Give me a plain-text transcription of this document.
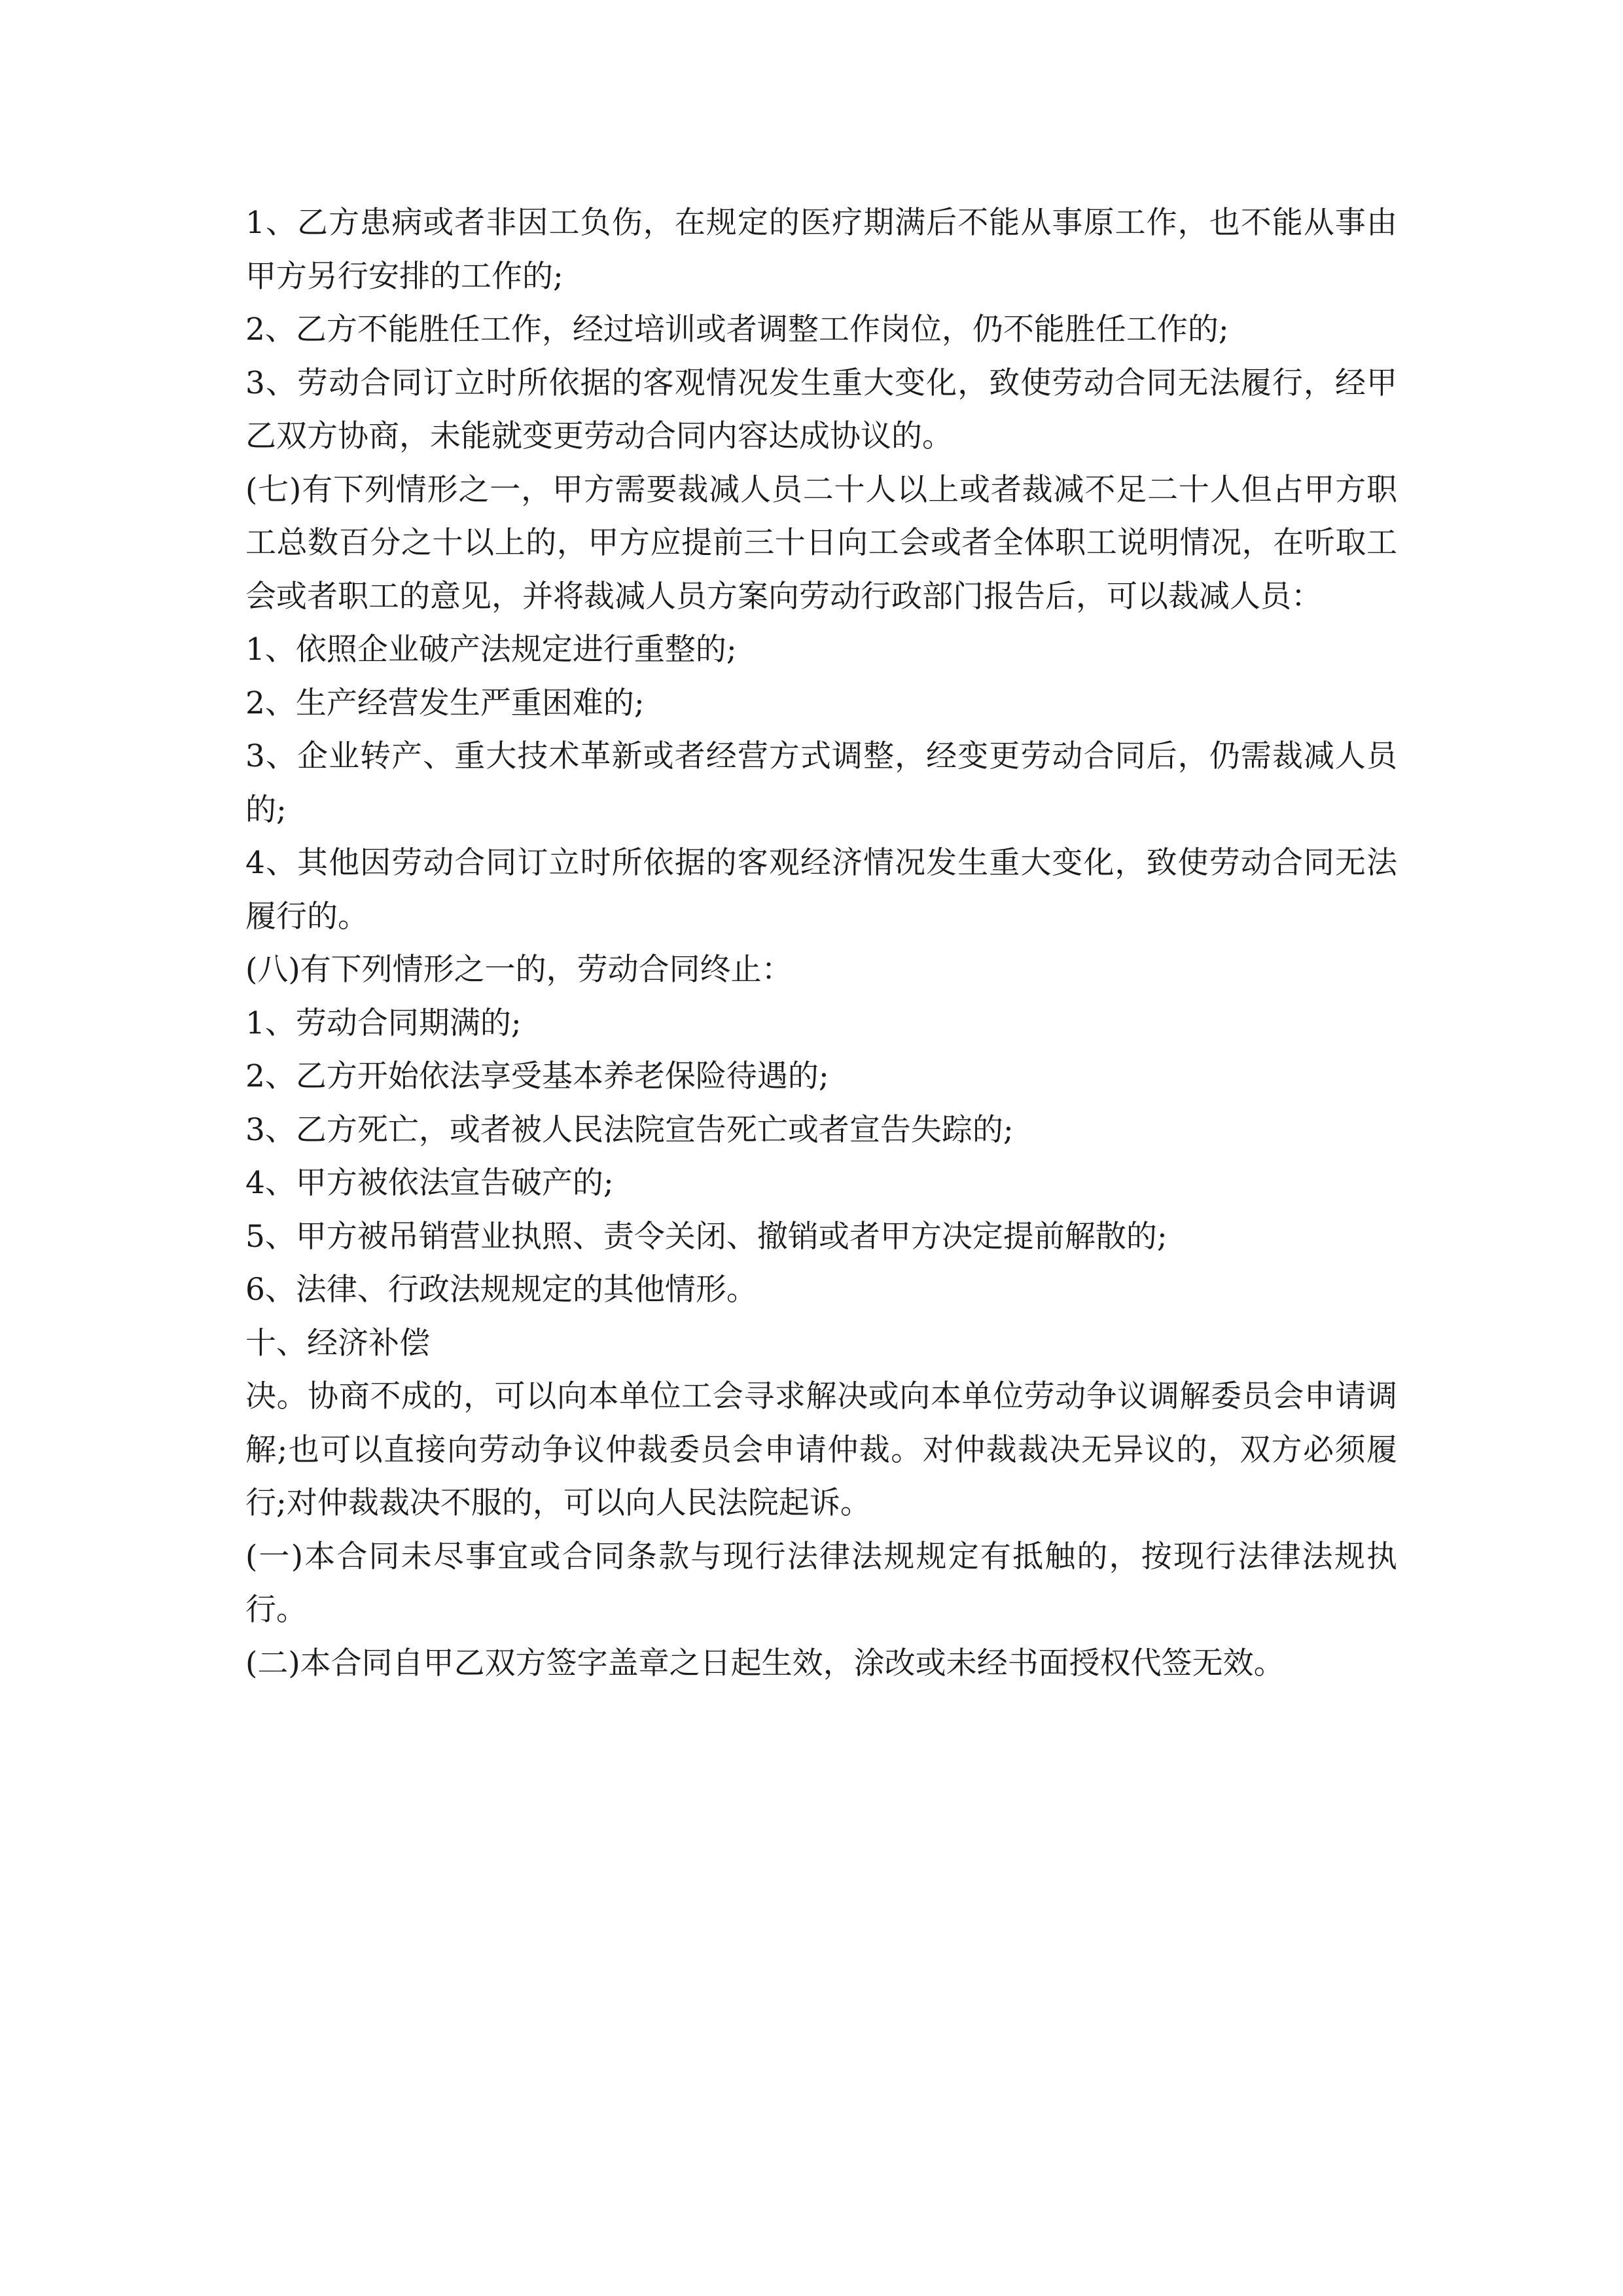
1、乙方患病或者非因工负伤，在规定的医疗期满后不能从事原工作，也不能从事由甲方另行安排的工作的;

2、乙方不能胜任工作，经过培训或者调整工作岗位，仍不能胜任工作的;

3、劳动合同订立时所依据的客观情况发生重大变化，致使劳动合同无法履行，经甲乙双方协商，未能就变更劳动合同内容达成协议的。

(七)有下列情形之一，甲方需要裁减人员二十人以上或者裁减不足二十人但占甲方职工总数百分之十以上的，甲方应提前三十日向工会或者全体职工说明情况，在听取工会或者职工的意见，并将裁减人员方案向劳动行政部门报告后，可以裁减人员：

1、依照企业破产法规定进行重整的;

2、生产经营发生严重困难的;

3、企业转产、重大技术革新或者经营方式调整，经变更劳动合同后，仍需裁减人员的;

4、其他因劳动合同订立时所依据的客观经济情况发生重大变化，致使劳动合同无法履行的。

(八)有下列情形之一的，劳动合同终止：

1、劳动合同期满的;

2、乙方开始依法享受基本养老保险待遇的;

3、乙方死亡，或者被人民法院宣告死亡或者宣告失踪的;

4、甲方被依法宣告破产的;

5、甲方被吊销营业执照、责令关闭、撤销或者甲方决定提前解散的;

6、法律、行政法规规定的其他情形。

十、经济补偿

决。协商不成的，可以向本单位工会寻求解决或向本单位劳动争议调解委员会申请调解;也可以直接向劳动争议仲裁委员会申请仲裁。对仲裁裁决无异议的，双方必须履行;对仲裁裁决不服的，可以向人民法院起诉。

(一)本合同未尽事宜或合同条款与现行法律法规规定有抵触的，按现行法律法规执行。

(二)本合同自甲乙双方签字盖章之日起生效，涂改或未经书面授权代签无效。
